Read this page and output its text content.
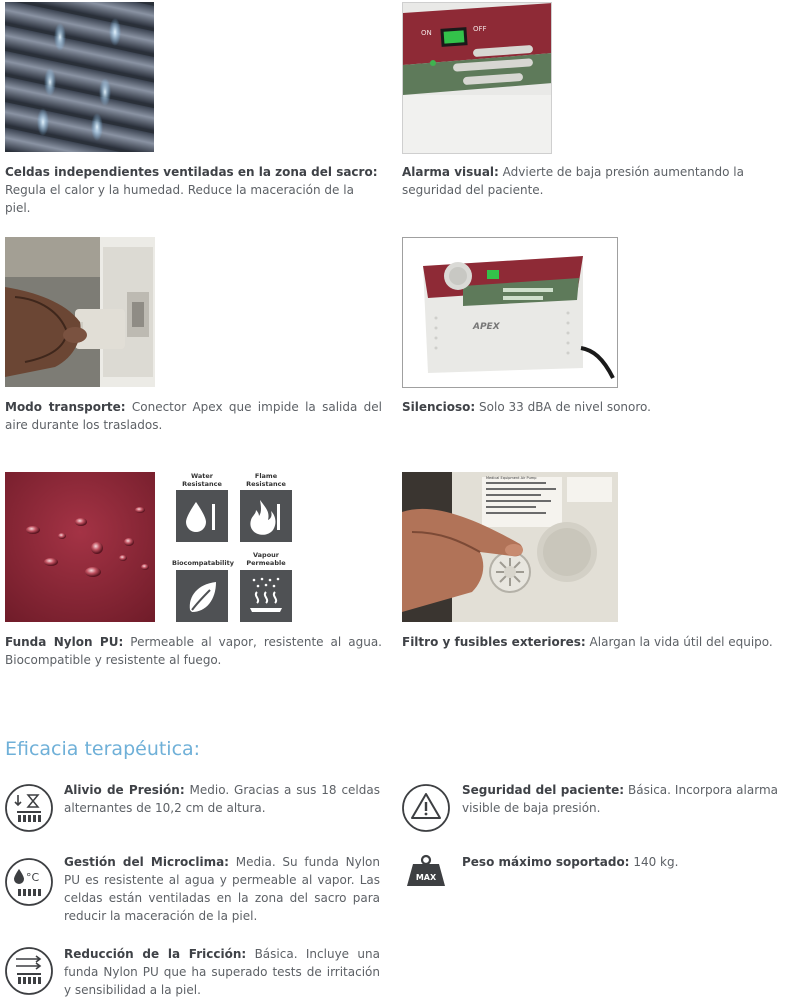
ON	OFF
Celdas independientes ventiladas en la zona del sacro: Regula el calor y la humedad. Reduce la maceración de la piel.
Alarma visual: Advierte de baja presión aumentando la seguridad del paciente.
APEX
Modo transporte: Conector Apex que impide la salida del aire durante los traslados.
Silencioso: Solo 33 dBA de nivel sonoro.
Water Resistance
Flame Resistance
Biocompatability
Vapour Permeable
Medical Equipment Air Pump
Funda Nylon PU: Permeable al vapor, resistente al agua. Biocompatible y resistente al fuego.
Filtro y fusibles exteriores: Alargan la vida útil del equipo.
Eficacia terapéutica:
Alivio de Presión: Medio. Gracias a sus 18 celdas alternantes de 10,2 cm de altura.
°C
Gestión del Microclima: Media. Su funda Nylon PU es resistente al agua y permeable al vapor. Las celdas están ventiladas en la zona del sacro para reducir la maceración de la piel.
Reducción de la Fricción: Básica. Incluye una funda Nylon PU que ha superado tests de irritación y sensibilidad a la piel.
Seguridad del paciente: Básica. Incorpora alarma visible de baja presión.
MAX
Peso máximo soportado: 140 kg.
